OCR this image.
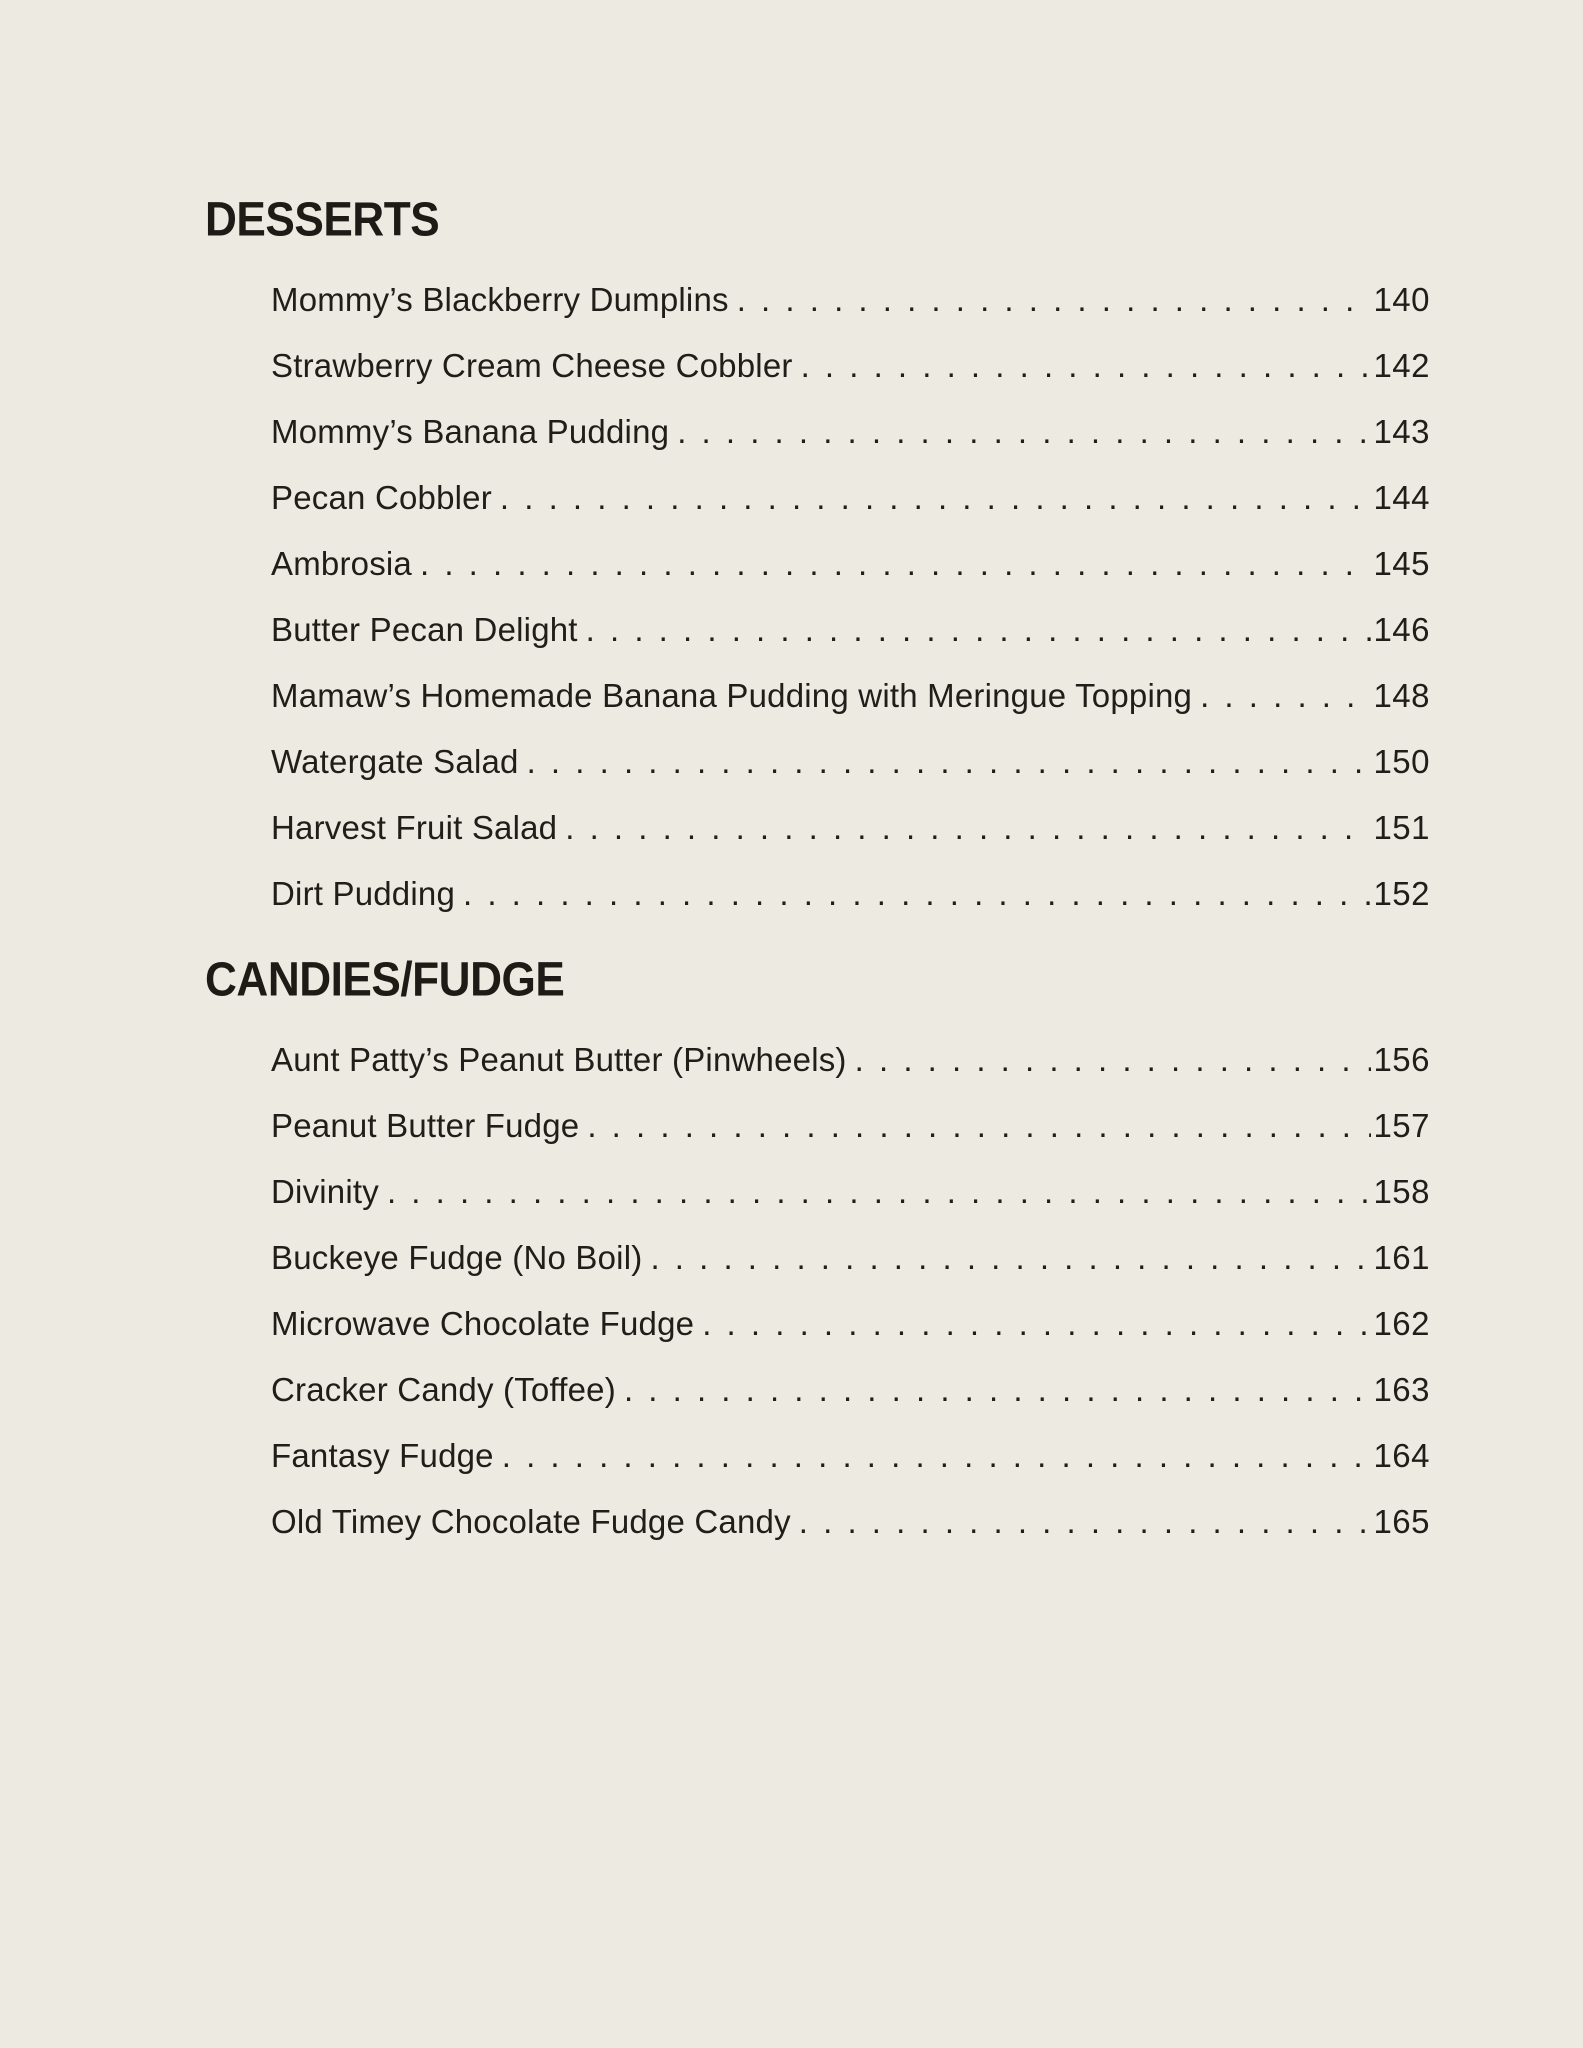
DESSERTS
Mommy’s Blackberry Dumplins . . .	140
Strawberry Cream Cheese Cobbler . . .	142
Mommy’s Banana Pudding . . .	143
Pecan Cobbler . . .	144
Ambrosia . . .	145
Butter Pecan Delight . . .	146
Mamaw’s Homemade Banana Pudding with Meringue Topping . . .	148
Watergate Salad . . .	150
Harvest Fruit Salad . . .	151
Dirt Pudding . . .	152
CANDIES/FUDGE
Aunt Patty’s Peanut Butter (Pinwheels) . . .	156
Peanut Butter Fudge . . .	157
Divinity . . .	158
Buckeye Fudge (No Boil) . . .	161
Microwave Chocolate Fudge . . .	162
Cracker Candy (Toffee) . . .	163
Fantasy Fudge . . .	164
Old Timey Chocolate Fudge Candy . . .	165
